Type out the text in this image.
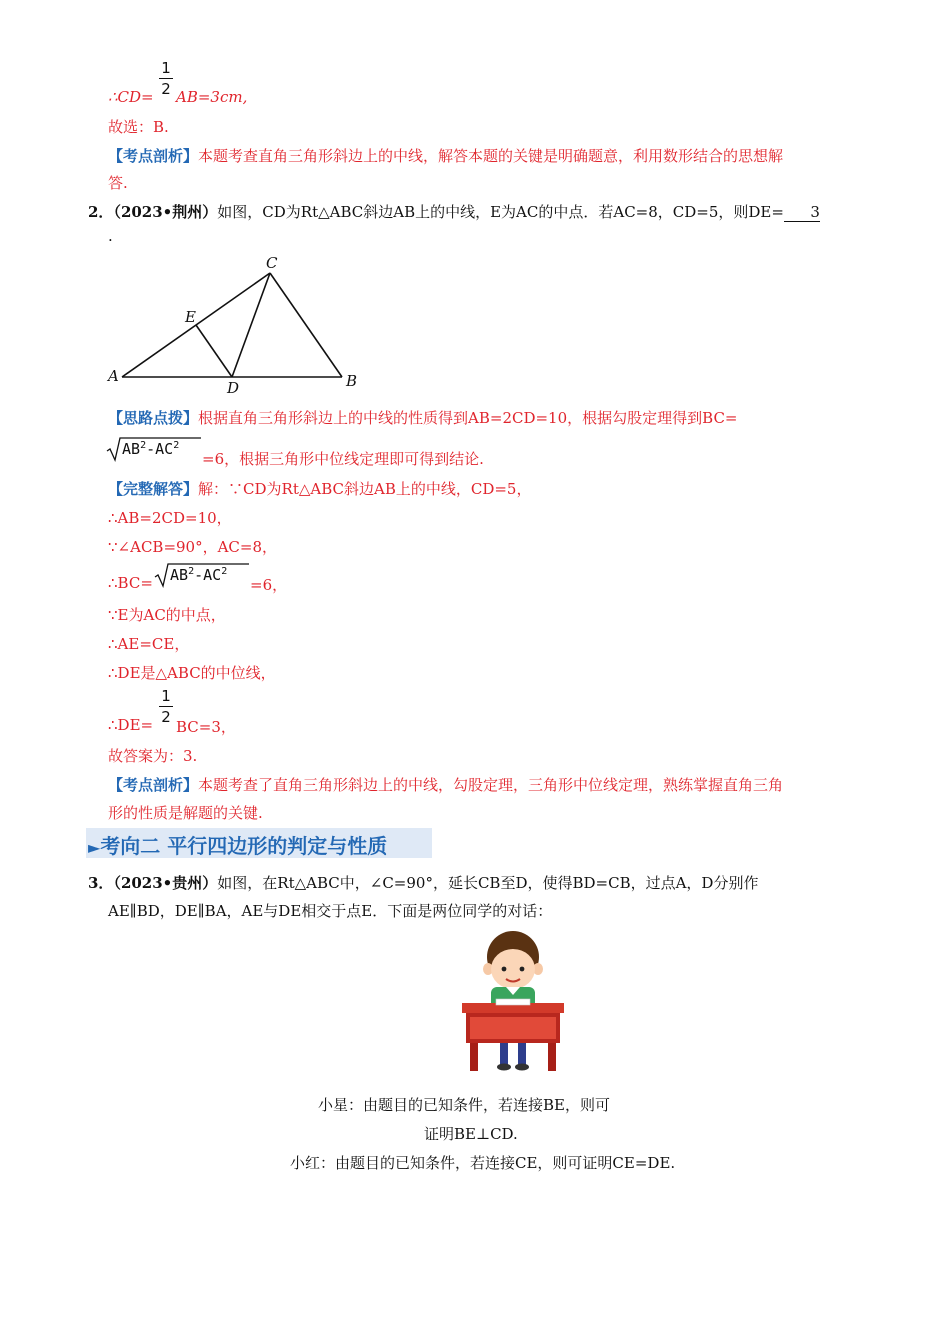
1
2
∴CD= AB=3cm,
故选：B.
【考点剖析】本题考查直角三角形斜边上的中线，解答本题的关键是明确题意，利用数形结合的思想解
答.
2．（2023•荆州）如图，CD为Rt△ABC斜边AB上的中线，E为AC的中点．若AC=8，CD=5，则DE= 3
.
A	B
C
D
E
【思路点拨】根据直角三角形斜边上的中线的性质得到AB=2CD=10，根据勾股定理得到BC=
$AB^2-AC^2$
=6，根据三角形中位线定理即可得到结论.
【完整解答】解：∵CD为Rt△ABC斜边AB上的中线，CD=5，
∴AB=2CD=10，
∵∠ACB=90°，AC=8，
∴BC= $AB^2-AC^2$
=6，
∵E为AC的中点，
∴AE=CE，
∴DE是△ABC的中位线，
1
2
∴DE= BC=3，
故答案为：3.
【考点剖析】本题考查了直角三角形斜边上的中线，勾股定理，三角形中位线定理，熟练掌握直角三角
形的性质是解题的关键.
►考向二 平行四边形的判定与性质
3．（2023•贵州）如图，在Rt△ABC中，∠C=90°，延长CB至D，使得BD=CB，过点A，D分别作
AE∥BD，DE∥BA，AE与DE相交于点E．下面是两位同学的对话：
小星：由题目的已知条件，若连接BE，则可
证明BE⊥CD.
小红：由题目的已知条件，若连接CE，则可证明CE=DE.
